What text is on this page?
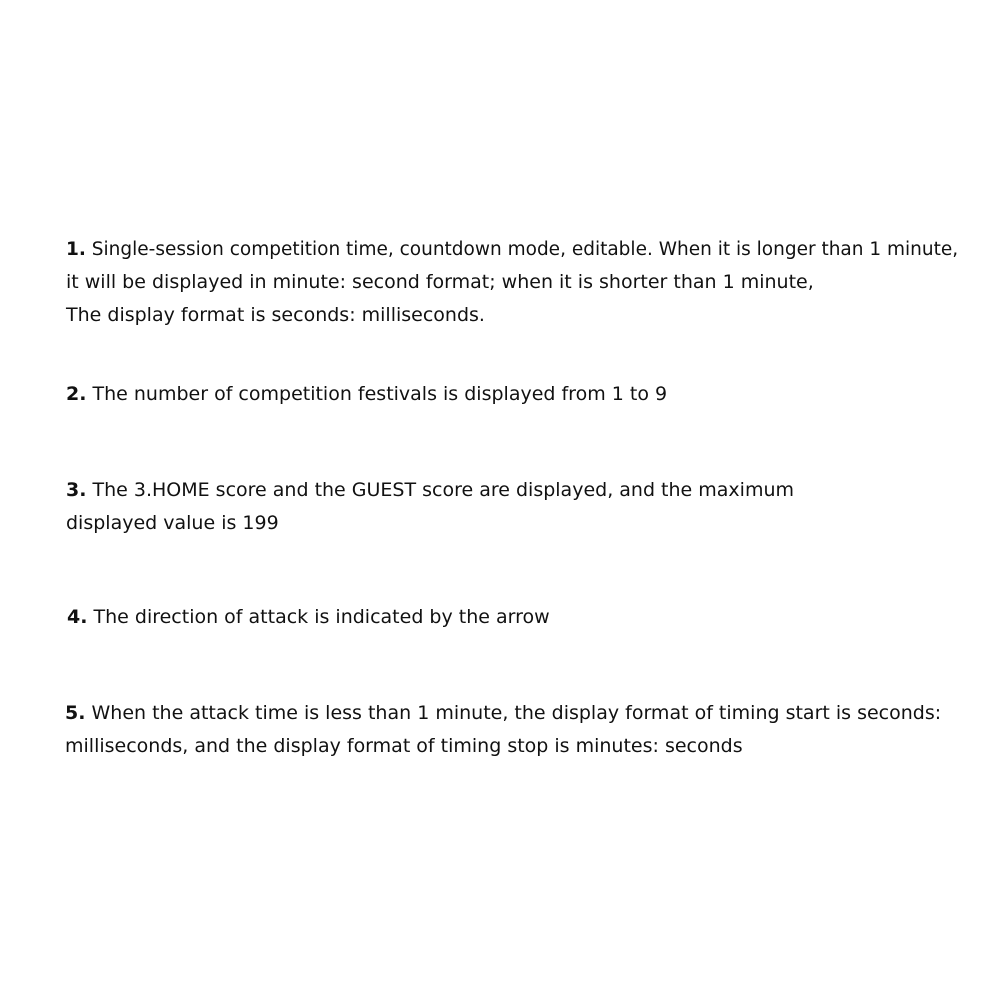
1. Single-session competition time, countdown mode, editable. When it is longer than 1 minute,
it will be displayed in minute: second format; when it is shorter than 1 minute,
The display format is seconds: milliseconds.
2. The number of competition festivals is displayed from 1 to 9
3. The 3.HOME score and the GUEST score are displayed, and the maximum
displayed value is 199
4. The direction of attack is indicated by the arrow
5. When the attack time is less than 1 minute, the display format of timing start is seconds:
milliseconds, and the display format of timing stop is minutes: seconds
